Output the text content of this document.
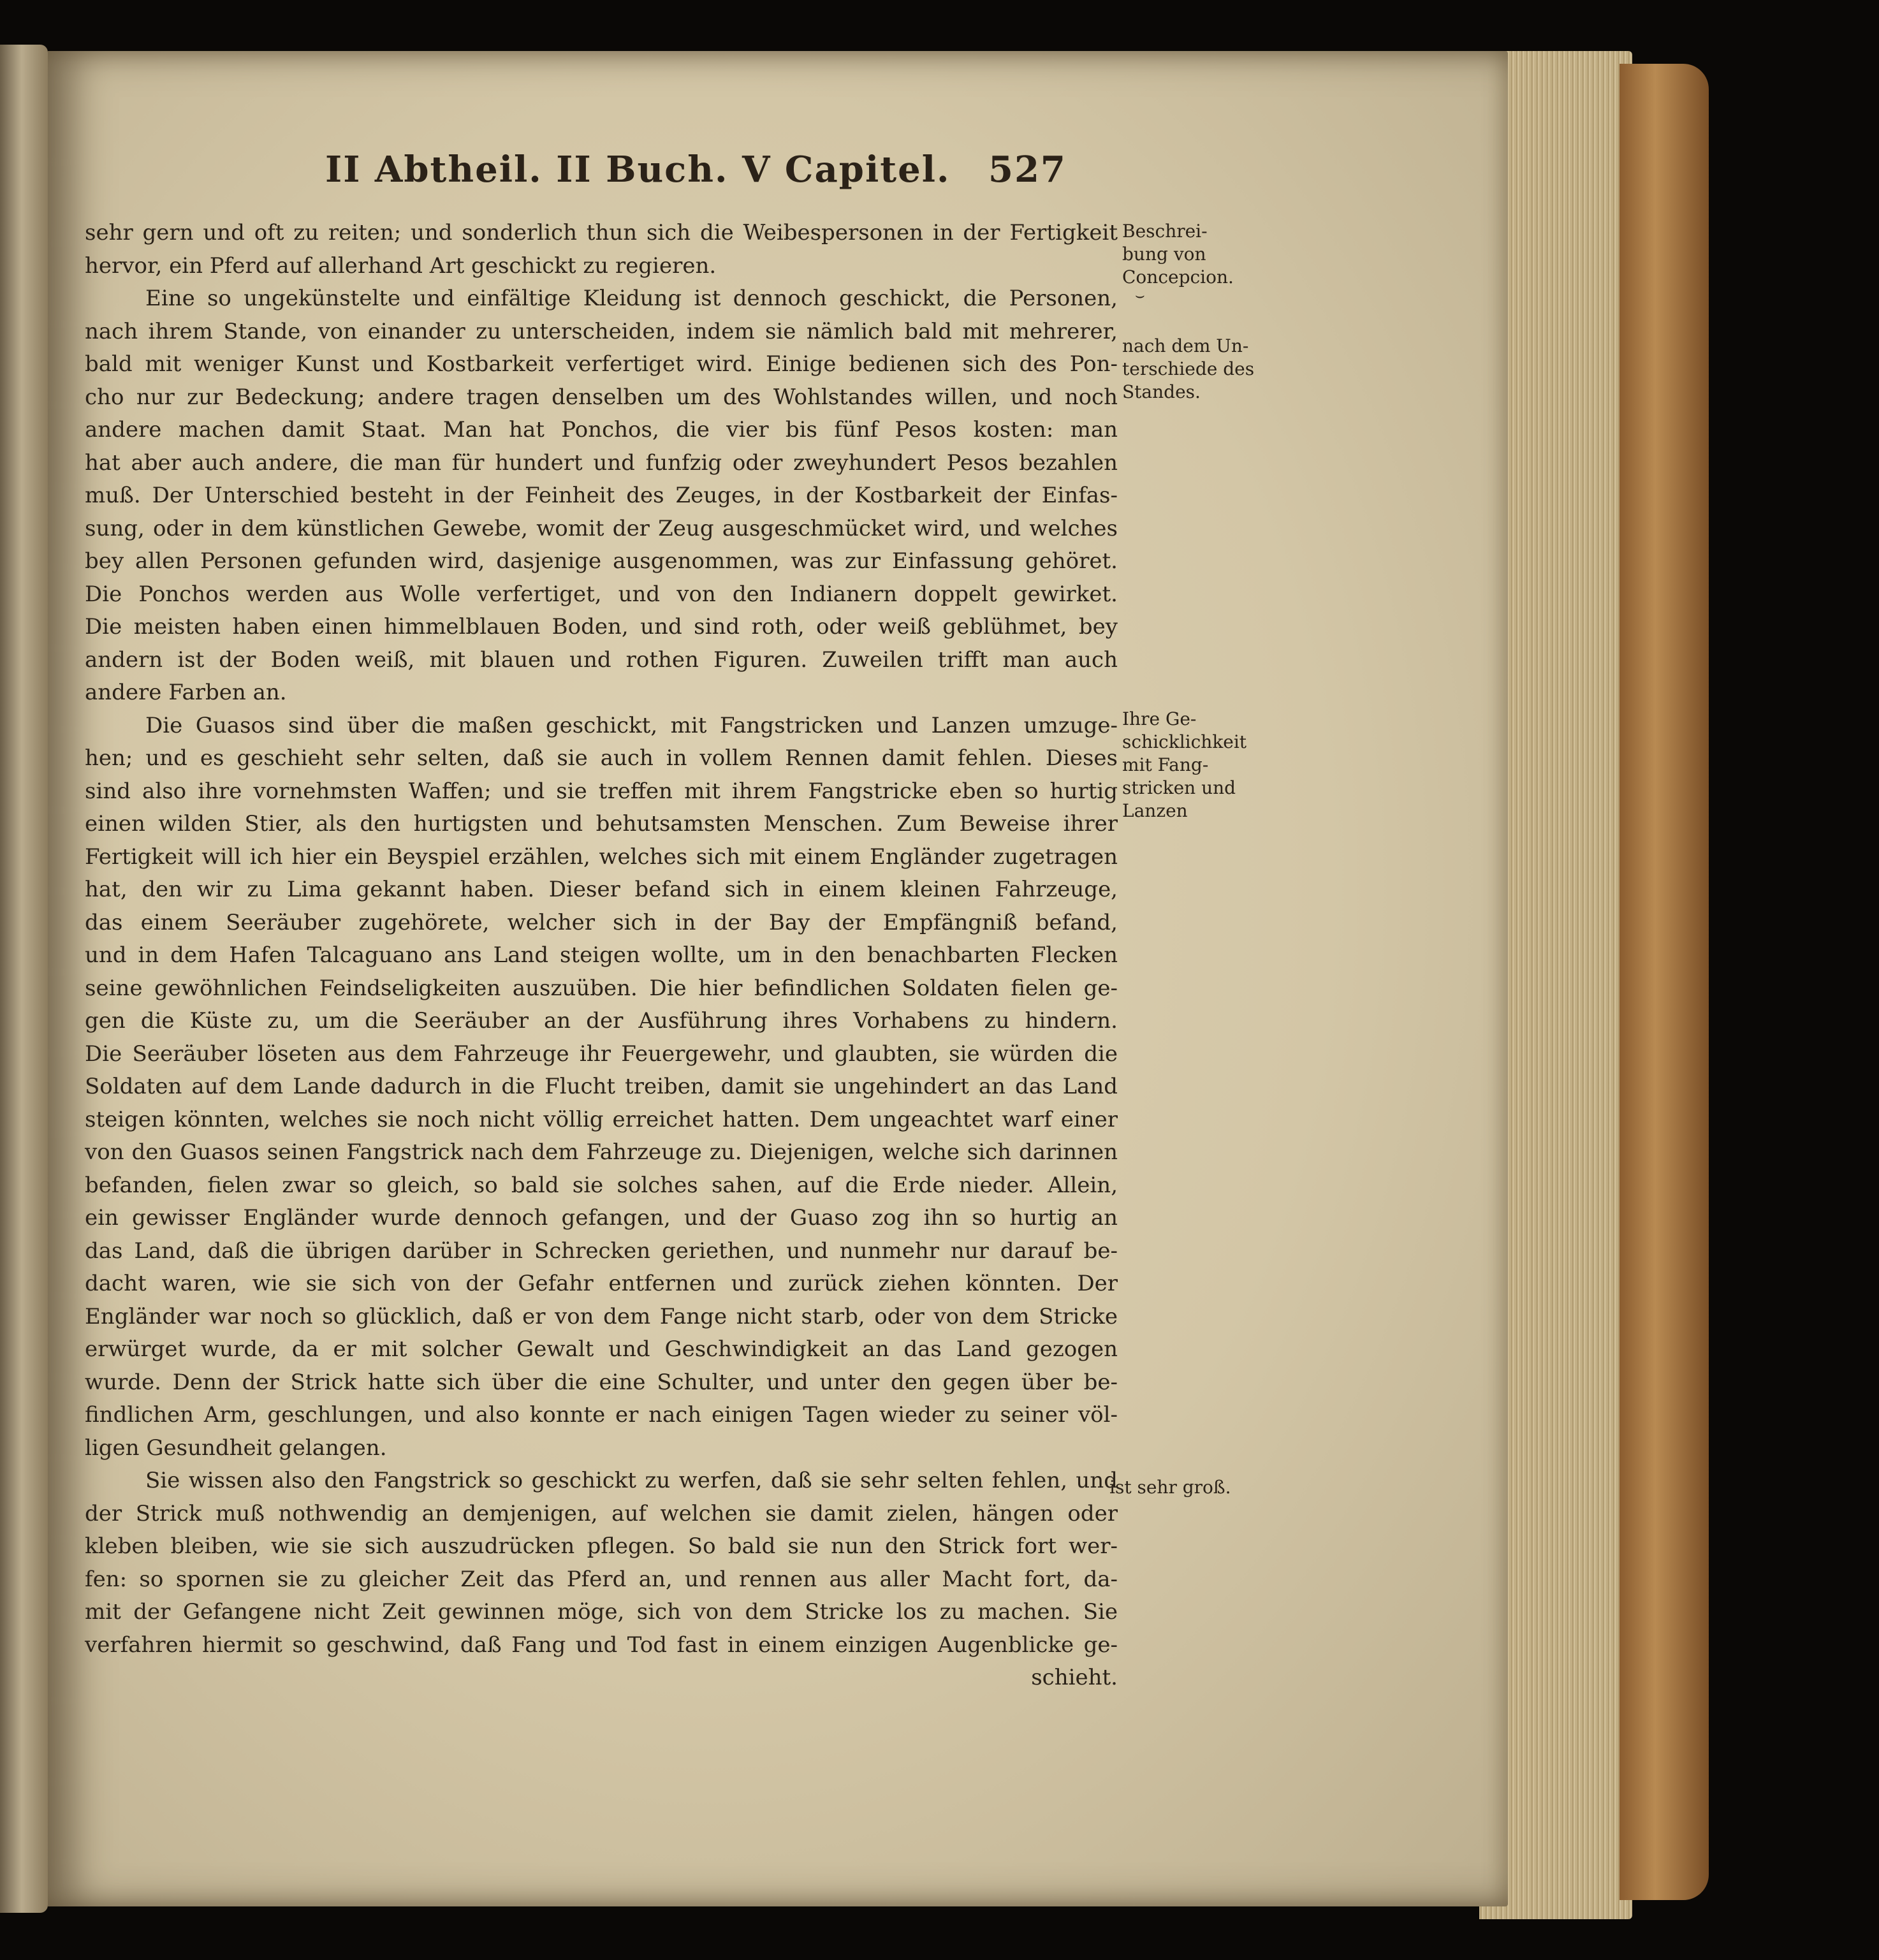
II Abtheil. II Buch. V Capitel. 527
sehr gern und oft zu reiten; und sonderlich thun sich die Weibespersonen in der Fertigkeit
hervor, ein Pferd auf allerhand Art geschickt zu regieren.
Eine so ungekünstelte und einfältige Kleidung ist dennoch geschickt, die Personen,
nach ihrem Stande, von einander zu unterscheiden, indem sie nämlich bald mit mehrerer,
bald mit weniger Kunst und Kostbarkeit verfertiget wird. Einige bedienen sich des Pon-
cho nur zur Bedeckung; andere tragen denselben um des Wohlstandes willen, und noch
andere machen damit Staat. Man hat Ponchos, die vier bis fünf Pesos kosten: man
hat aber auch andere, die man für hundert und funfzig oder zweyhundert Pesos bezahlen
muß. Der Unterschied besteht in der Feinheit des Zeuges, in der Kostbarkeit der Einfas-
sung, oder in dem künstlichen Gewebe, womit der Zeug ausgeschmücket wird, und welches
bey allen Personen gefunden wird, dasjenige ausgenommen, was zur Einfassung gehöret.
Die Ponchos werden aus Wolle verfertiget, und von den Indianern doppelt gewirket.
Die meisten haben einen himmelblauen Boden, und sind roth, oder weiß geblühmet, bey
andern ist der Boden weiß, mit blauen und rothen Figuren. Zuweilen trifft man auch
andere Farben an.
Die Guasos sind über die maßen geschickt, mit Fangstricken und Lanzen umzuge-
hen; und es geschieht sehr selten, daß sie auch in vollem Rennen damit fehlen. Dieses
sind also ihre vornehmsten Waffen; und sie treffen mit ihrem Fangstricke eben so hurtig
einen wilden Stier, als den hurtigsten und behutsamsten Menschen. Zum Beweise ihrer
Fertigkeit will ich hier ein Beyspiel erzählen, welches sich mit einem Engländer zugetragen
hat, den wir zu Lima gekannt haben. Dieser befand sich in einem kleinen Fahrzeuge,
das einem Seeräuber zugehörete, welcher sich in der Bay der Empfängniß befand,
und in dem Hafen Talcaguano ans Land steigen wollte, um in den benachbarten Flecken
seine gewöhnlichen Feindseligkeiten auszuüben. Die hier befindlichen Soldaten fielen ge-
gen die Küste zu, um die Seeräuber an der Ausführung ihres Vorhabens zu hindern.
Die Seeräuber löseten aus dem Fahrzeuge ihr Feuergewehr, und glaubten, sie würden die
Soldaten auf dem Lande dadurch in die Flucht treiben, damit sie ungehindert an das Land
steigen könnten, welches sie noch nicht völlig erreichet hatten. Dem ungeachtet warf einer
von den Guasos seinen Fangstrick nach dem Fahrzeuge zu. Diejenigen, welche sich darinnen
befanden, fielen zwar so gleich, so bald sie solches sahen, auf die Erde nieder. Allein,
ein gewisser Engländer wurde dennoch gefangen, und der Guaso zog ihn so hurtig an
das Land, daß die übrigen darüber in Schrecken geriethen, und nunmehr nur darauf be-
dacht waren, wie sie sich von der Gefahr entfernen und zurück ziehen könnten. Der
Engländer war noch so glücklich, daß er von dem Fange nicht starb, oder von dem Stricke
erwürget wurde, da er mit solcher Gewalt und Geschwindigkeit an das Land gezogen
wurde. Denn der Strick hatte sich über die eine Schulter, und unter den gegen über be-
findlichen Arm, geschlungen, und also konnte er nach einigen Tagen wieder zu seiner völ-
ligen Gesundheit gelangen.
Sie wissen also den Fangstrick so geschickt zu werfen, daß sie sehr selten fehlen, und
der Strick muß nothwendig an demjenigen, auf welchen sie damit zielen, hängen oder
kleben bleiben, wie sie sich auszudrücken pflegen. So bald sie nun den Strick fort wer-
fen: so spornen sie zu gleicher Zeit das Pferd an, und rennen aus aller Macht fort, da-
mit der Gefangene nicht Zeit gewinnen möge, sich von dem Stricke los zu machen. Sie
verfahren hiermit so geschwind, daß Fang und Tod fast in einem einzigen Augenblicke ge-
schieht.
Beschrei-
bung von
Concepcion.
⌣
nach dem Un-
terschiede des
Standes.
Ihre Ge-
schicklichkeit
mit Fang-
stricken und
Lanzen
ist sehr groß.
